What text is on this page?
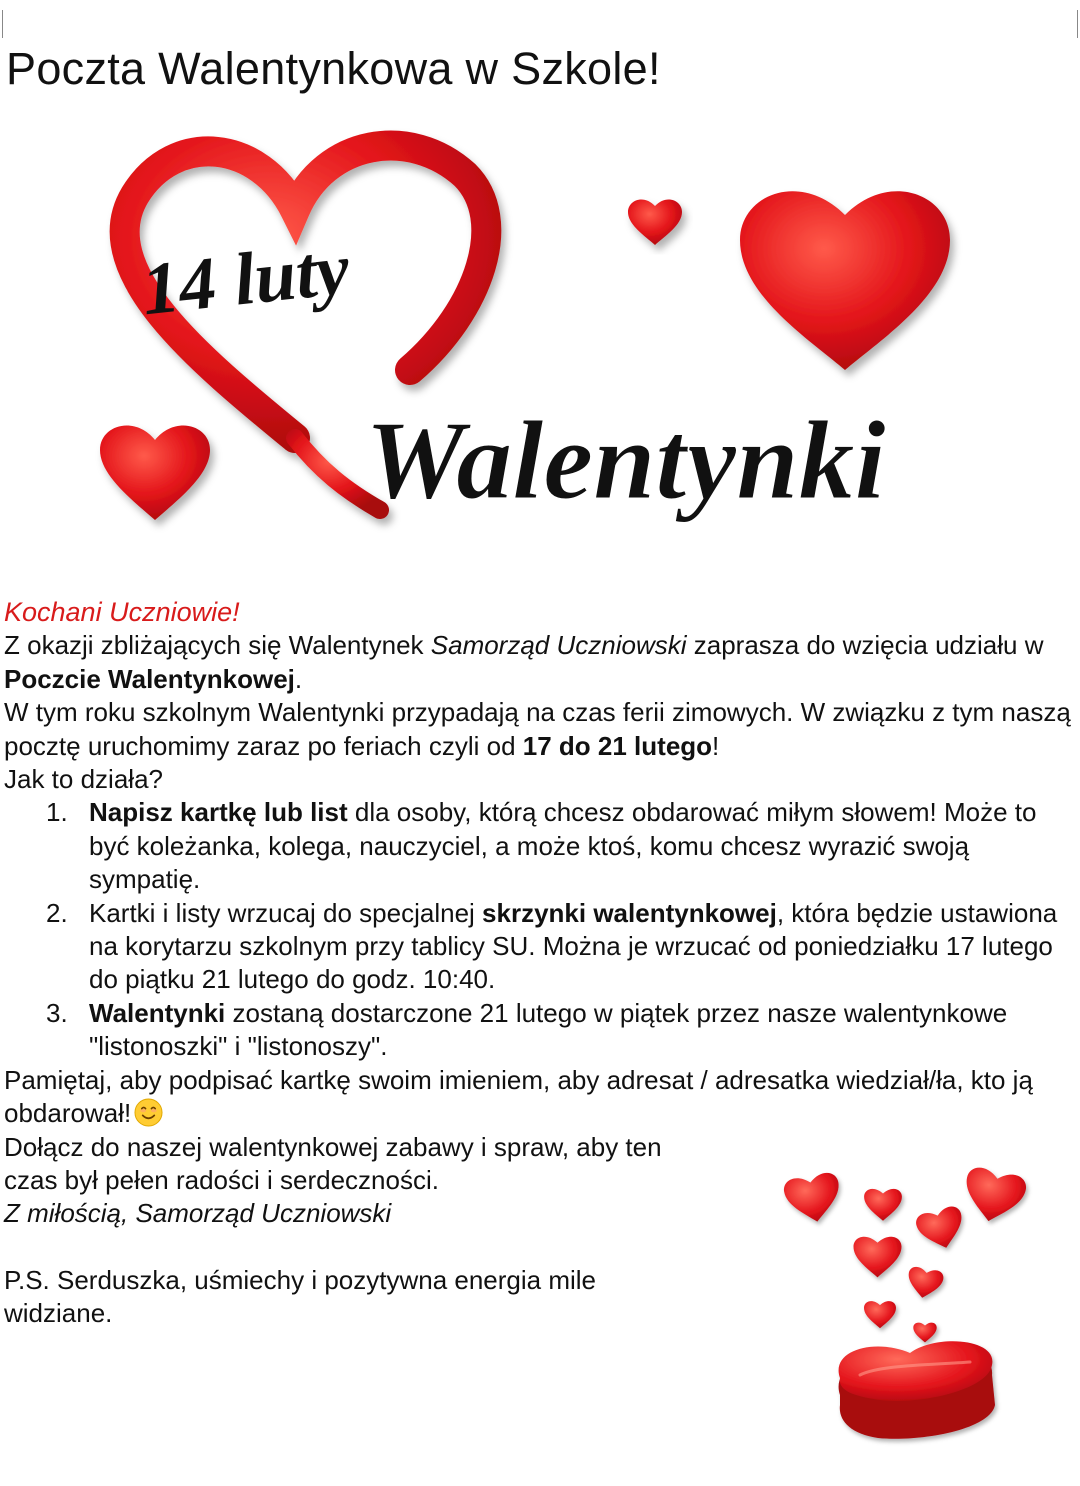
Poczta Walentynkowa w Szkole!
14 luty
Walentynki

Kochani Uczniowie!

Z okazji zbliżających się Walentynek Samorząd Uczniowski zaprasza do wzięcia udziału w Poczcie Walentynkowej.

W tym roku szkolnym Walentynki przypadają na czas ferii zimowych. W związku z tym naszą pocztę uruchomimy zaraz po feriach czyli od 17 do 21 lutego!

Jak to działa?

1. Napisz kartkę lub list dla osoby, którą chcesz obdarować miłym słowem! Może to być koleżanka, kolega, nauczyciel, a może ktoś, komu chcesz wyrazić swoją sympatię.
2. Kartki i listy wrzucaj do specjalnej skrzynki walentynkowej, która będzie ustawiona na korytarzu szkolnym przy tablicy SU. Można je wrzucać od poniedziałku 17 lutego do piątku 21 lutego do godz. 10:40.
3. Walentynki zostaną dostarczone 21 lutego w piątek przez nasze walentynkowe "listonoszki" i "listonoszy".

Pamiętaj, aby podpisać kartkę swoim imieniem, aby adresat / adresatka wiedział/ła, kto ją obdarował!

Dołącz do naszej walentynkowej zabawy i spraw, aby ten czas był pełen radości i serdeczności.

Z miłością, Samorząd Uczniowski

P.S. Serduszka, uśmiechy i pozytywna energia mile widziane.
